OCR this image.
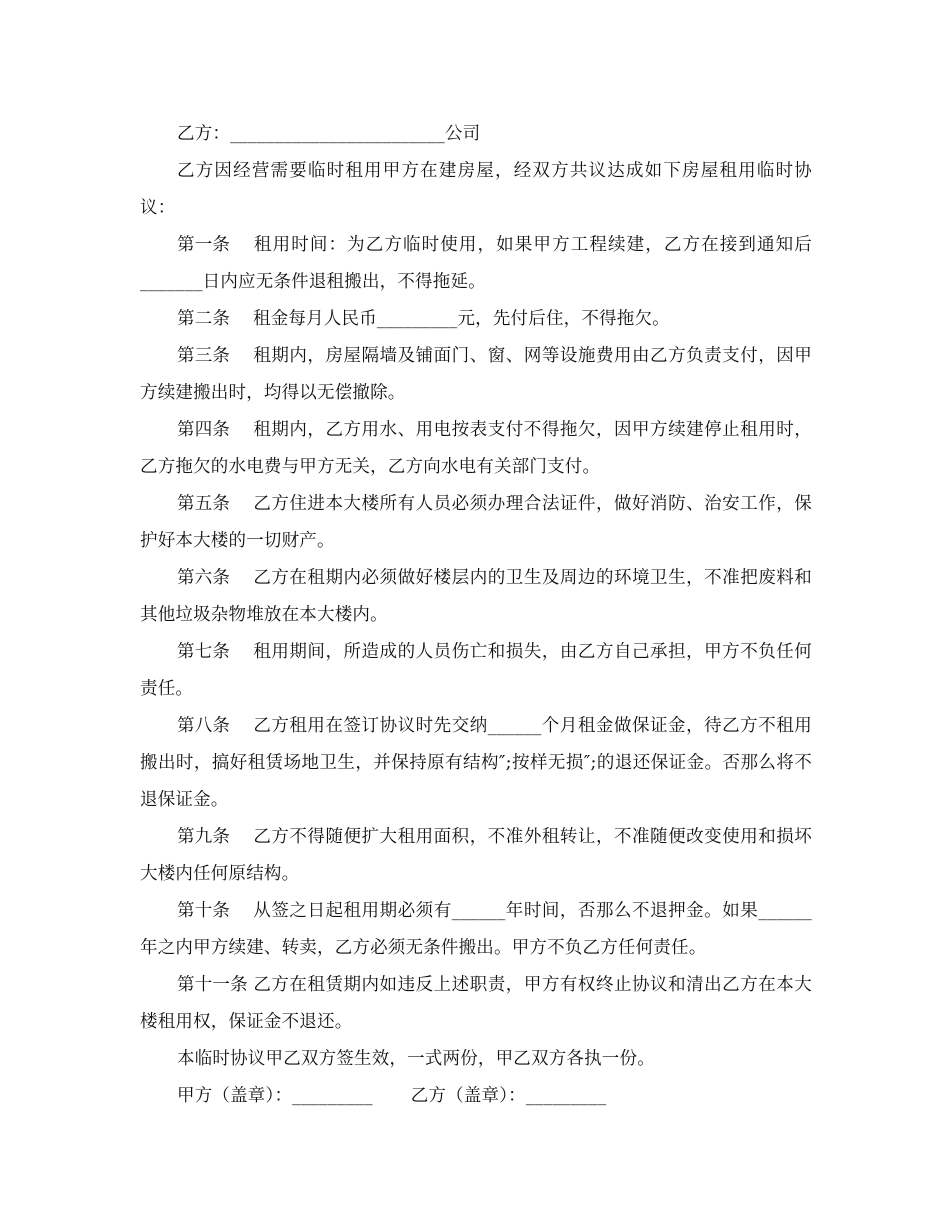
乙方：________________________公司

乙方因经营需要临时租用甲方在建房屋，经双方共议达成如下房屋租用临时协议：

第一条 租用时间：为乙方临时使用，如果甲方工程续建，乙方在接到通知后_______日内应无条件退租搬出，不得拖延。

第二条 租金每月人民币_________元，先付后住，不得拖欠。

第三条 租期内，房屋隔墙及铺面门、窗、网等设施费用由乙方负责支付，因甲方续建搬出时，均得以无偿撤除。

第四条 租期内，乙方用水、用电按表支付不得拖欠，因甲方续建停止租用时，乙方拖欠的水电费与甲方无关，乙方向水电有关部门支付。

第五条 乙方住进本大楼所有人员必须办理合法证件，做好消防、治安工作，保护好本大楼的一切财产。

第六条 乙方在租期内必须做好楼层内的卫生及周边的环境卫生，不准把废料和其他垃圾杂物堆放在本大楼内。

第七条 租用期间，所造成的人员伤亡和损失，由乙方自己承担，甲方不负任何责任。

第八条 乙方租用在签订协议时先交纳______个月租金做保证金，待乙方不租用搬出时，搞好租赁场地卫生，并保持原有结构″;按样无损″;的退还保证金。否那么将不退保证金。

第九条 乙方不得随便扩大租用面积，不准外租转让，不准随便改变使用和损坏大楼内任何原结构。

第十条 从签之日起租用期必须有______年时间，否那么不退押金。如果______年之内甲方续建、转卖，乙方必须无条件搬出。甲方不负乙方任何责任。

第十一条 乙方在租赁期内如违反上述职责，甲方有权终止协议和清出乙方在本大楼租用权，保证金不退还。

本临时协议甲乙双方签生效，一式两份，甲乙双方各执一份。

甲方（盖章）：_________ 乙方（盖章）：_________
